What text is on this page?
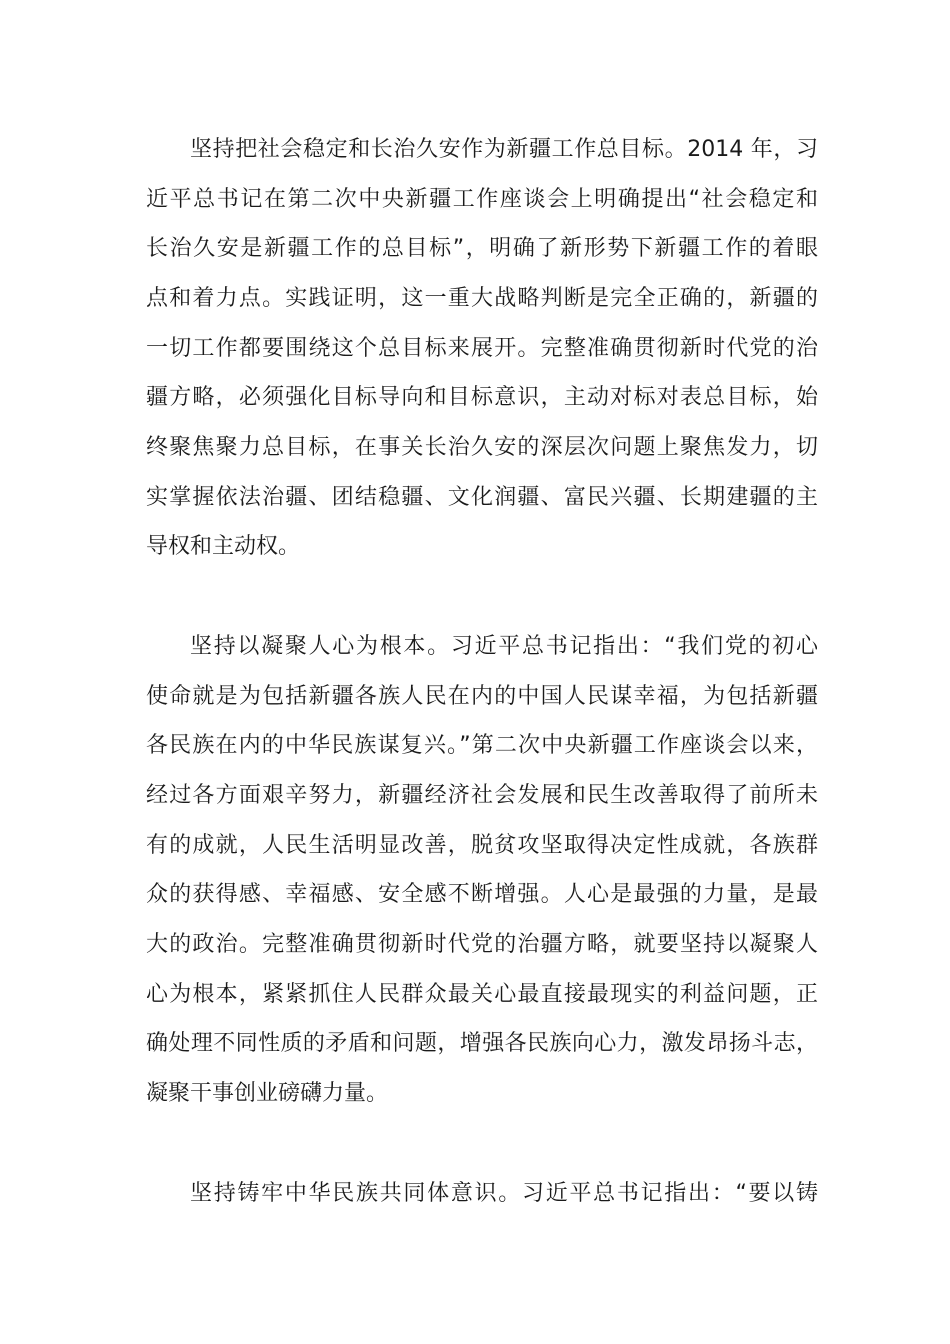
坚持把社会稳定和长治久安作为新疆工作总目标。2014 年，习
近平总书记在第二次中央新疆工作座谈会上明确提出“社会稳定和
长治久安是新疆工作的总目标”，明确了新形势下新疆工作的着眼
点和着力点。实践证明，这一重大战略判断是完全正确的，新疆的
一切工作都要围绕这个总目标来展开。完整准确贯彻新时代党的治
疆方略，必须强化目标导向和目标意识，主动对标对表总目标，始
终聚焦聚力总目标，在事关长治久安的深层次问题上聚焦发力，切
实掌握依法治疆、团结稳疆、文化润疆、富民兴疆、长期建疆的主
导权和主动权。
坚持以凝聚人心为根本。习近平总书记指出：“我们党的初心
使命就是为包括新疆各族人民在内的中国人民谋幸福，为包括新疆
各民族在内的中华民族谋复兴。”第二次中央新疆工作座谈会以来，
经过各方面艰辛努力，新疆经济社会发展和民生改善取得了前所未
有的成就，人民生活明显改善，脱贫攻坚取得决定性成就，各族群
众的获得感、幸福感、安全感不断增强。人心是最强的力量，是最
大的政治。完整准确贯彻新时代党的治疆方略，就要坚持以凝聚人
心为根本，紧紧抓住人民群众最关心最直接最现实的利益问题，正
确处理不同性质的矛盾和问题，增强各民族向心力，激发昂扬斗志，
凝聚干事创业磅礴力量。
坚持铸牢中华民族共同体意识。习近平总书记指出：“要以铸
